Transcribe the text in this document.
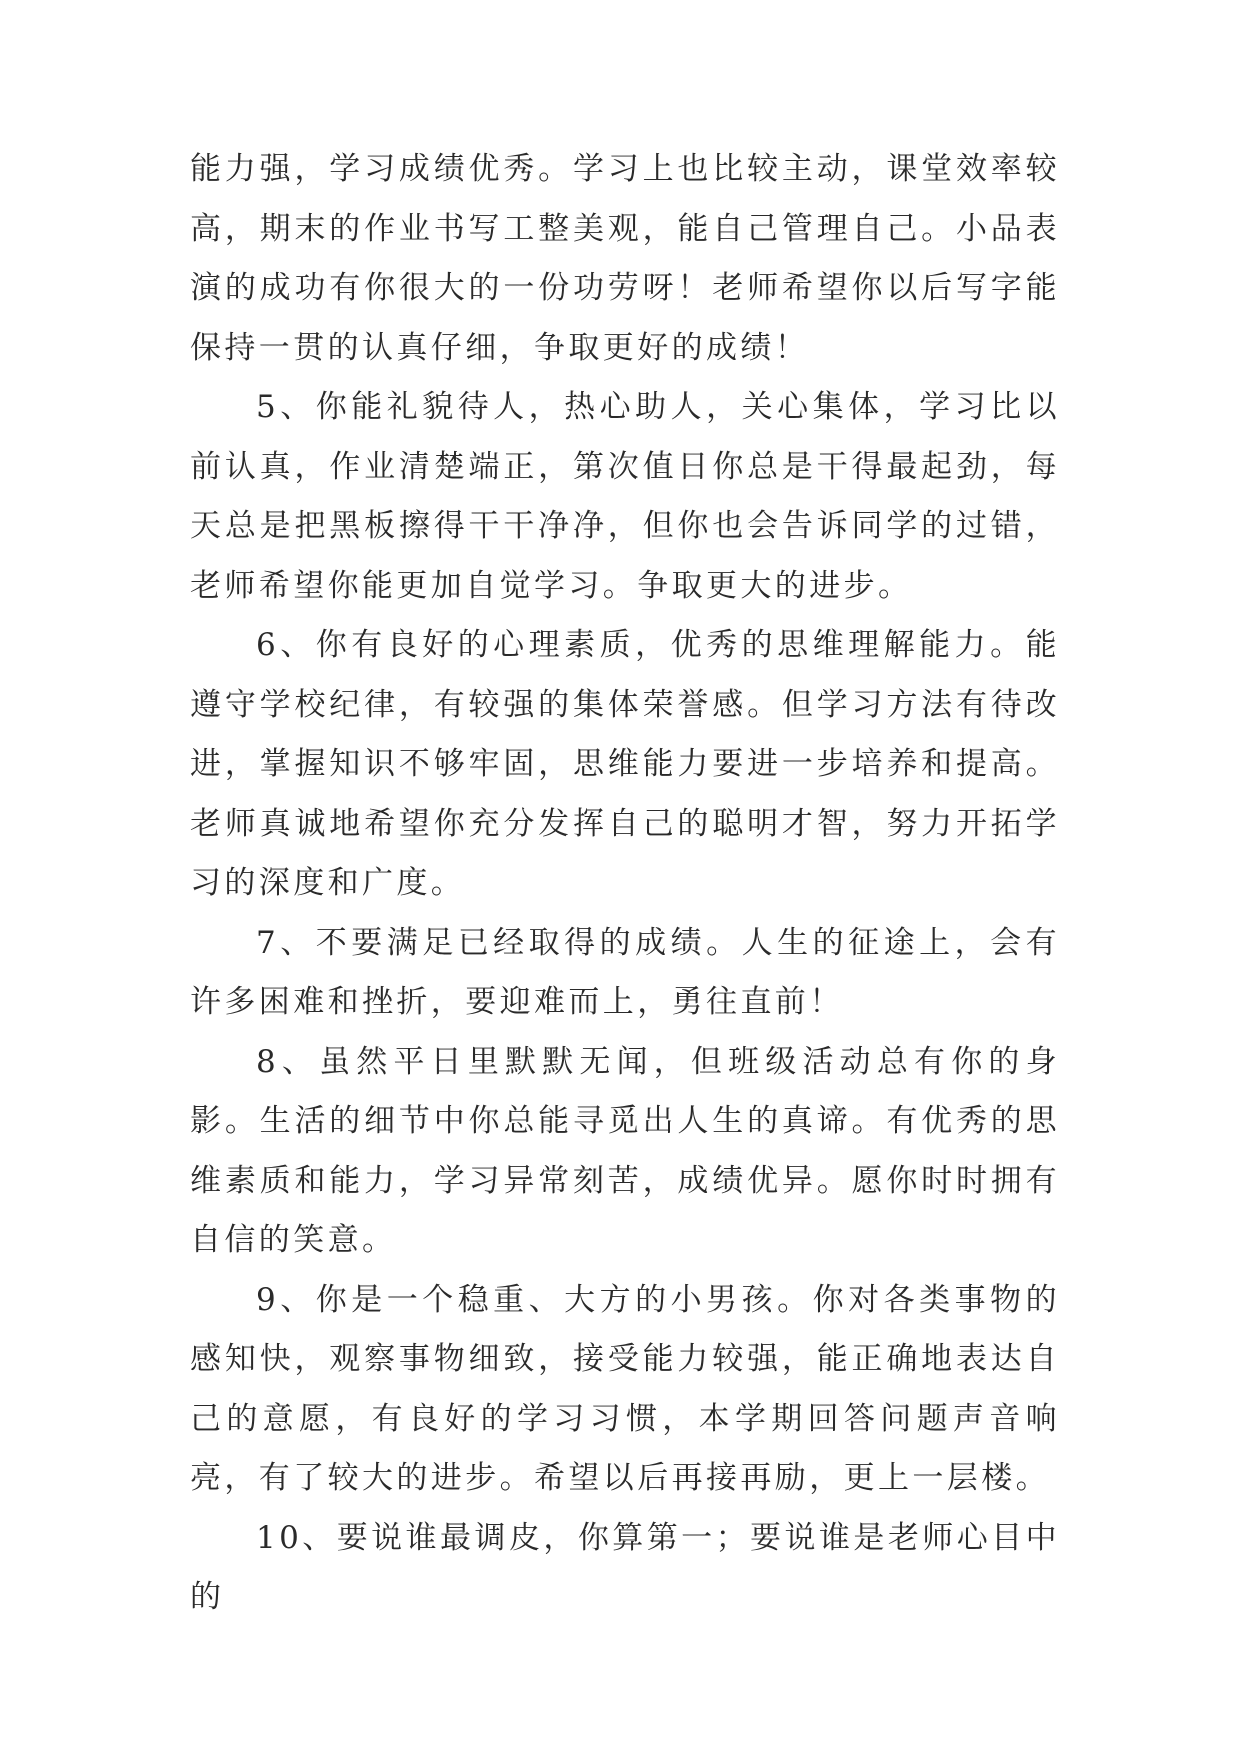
能力强，学习成绩优秀。学习上也比较主动，课堂效率较高，期末的作业书写工整美观，能自己管理自己。小品表演的成功有你很大的一份功劳呀！老师希望你以后写字能保持一贯的认真仔细，争取更好的成绩！

5、你能礼貌待人，热心助人，关心集体，学习比以前认真，作业清楚端正，第次值日你总是干得最起劲，每天总是把黑板擦得干干净净，但你也会告诉同学的过错，老师希望你能更加自觉学习。争取更大的进步。

6、你有良好的心理素质，优秀的思维理解能力。能遵守学校纪律，有较强的集体荣誉感。但学习方法有待改进，掌握知识不够牢固，思维能力要进一步培养和提高。老师真诚地希望你充分发挥自己的聪明才智，努力开拓学习的深度和广度。

7、不要满足已经取得的成绩。人生的征途上，会有许多困难和挫折，要迎难而上，勇往直前！

8、虽然平日里默默无闻，但班级活动总有你的身影。生活的细节中你总能寻觅出人生的真谛。有优秀的思维素质和能力，学习异常刻苦，成绩优异。愿你时时拥有自信的笑意。

9、你是一个稳重、大方的小男孩。你对各类事物的感知快，观察事物细致，接受能力较强，能正确地表达自己的意愿，有良好的学习习惯，本学期回答问题声音响亮，有了较大的进步。希望以后再接再励，更上一层楼。

10、要说谁最调皮，你算第一；要说谁是老师心目中的
